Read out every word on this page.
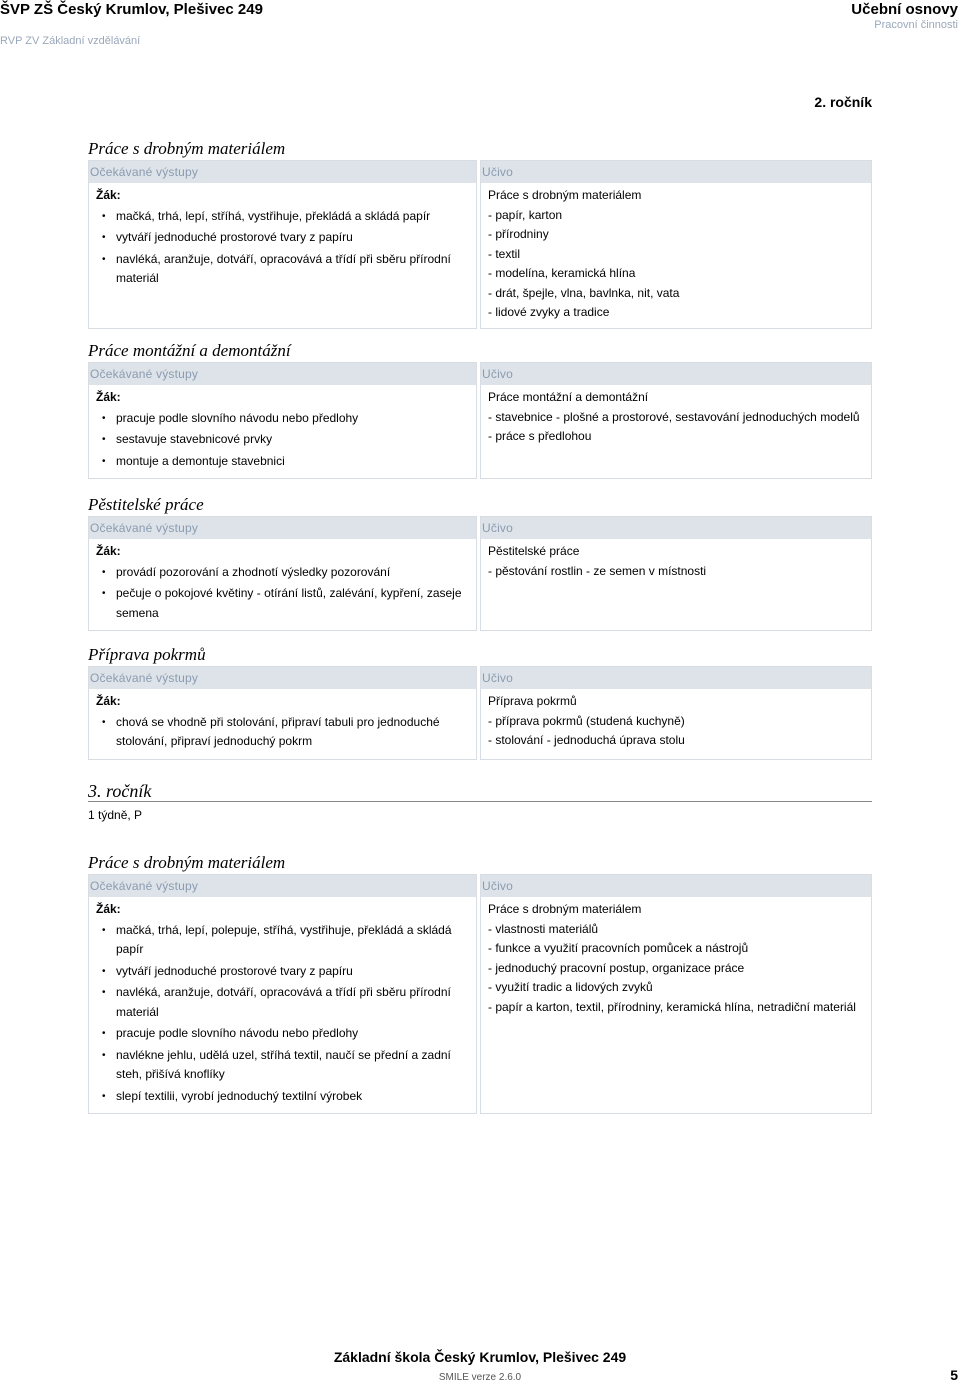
ŠVP ZŠ Český Krumlov, Plešivec 249
RVP ZV Základní vzdělávání
Učební osnovy
Pracovní činnosti
2. ročník
Práce s drobným materiálem
Očekávané výstupy
Žák:
• mačká, trhá, lepí, stříhá, vystřihuje, překládá a skládá papír
• vytváří jednoduché prostorové tvary z papíru
• navléká, aranžuje, dotváří, opracovává a třídí při sběru přírodní materiál
Učivo
Práce s drobným materiálem
- papír, karton
- přírodniny
- textil
- modelína, keramická hlína
- drát, špejle, vlna, bavlnka, nit, vata
- lidové zvyky a tradice
Práce montážní a demontážní
Očekávané výstupy
Žák:
• pracuje podle slovního návodu nebo předlohy
• sestavuje stavebnicové prvky
• montuje a demontuje stavebnici
Učivo
Práce montážní a demontážní
- stavebnice - plošné a prostorové, sestavování jednoduchých modelů
- práce s předlohou
Pěstitelské práce
Očekávané výstupy
Žák:
• provádí pozorování a zhodnotí výsledky pozorování
• pečuje o pokojové květiny - otírání listů, zalévání, kypření, zaseje semena
Učivo
Pěstitelské práce
- pěstování rostlin - ze semen v místnosti
Příprava pokrmů
Očekávané výstupy
Žák:
• chová se vhodně při stolování, připraví tabuli pro jednoduché stolování, připraví jednoduchý pokrm
Učivo
Příprava pokrmů
- příprava pokrmů (studená kuchyně)
- stolování - jednoduchá úprava stolu
3. ročník
1 týdně, P
Práce s drobným materiálem
Očekávané výstupy
Žák:
• mačká, trhá, lepí, polepuje, stříhá, vystřihuje, překládá a skládá papír
• vytváří jednoduché prostorové tvary z papíru
• navléká, aranžuje, dotváří, opracovává a třídí při sběru přírodní materiál
• pracuje podle slovního návodu nebo předlohy
• navlékne jehlu, udělá uzel, stříhá textil, naučí se přední a zadní steh, přišívá knoflíky
• slepí textilii, vyrobí jednoduchý textilní výrobek
Učivo
Práce s drobným materiálem
- vlastnosti materiálů
- funkce a využití pracovních pomůcek a nástrojů
- jednoduchý pracovní postup, organizace práce
- využití tradic a lidových zvyků
- papír a karton, textil, přírodniny, keramická hlína, netradiční materiál
Základní škola Český Krumlov, Plešivec 249
SMILE verze 2.6.0	5
